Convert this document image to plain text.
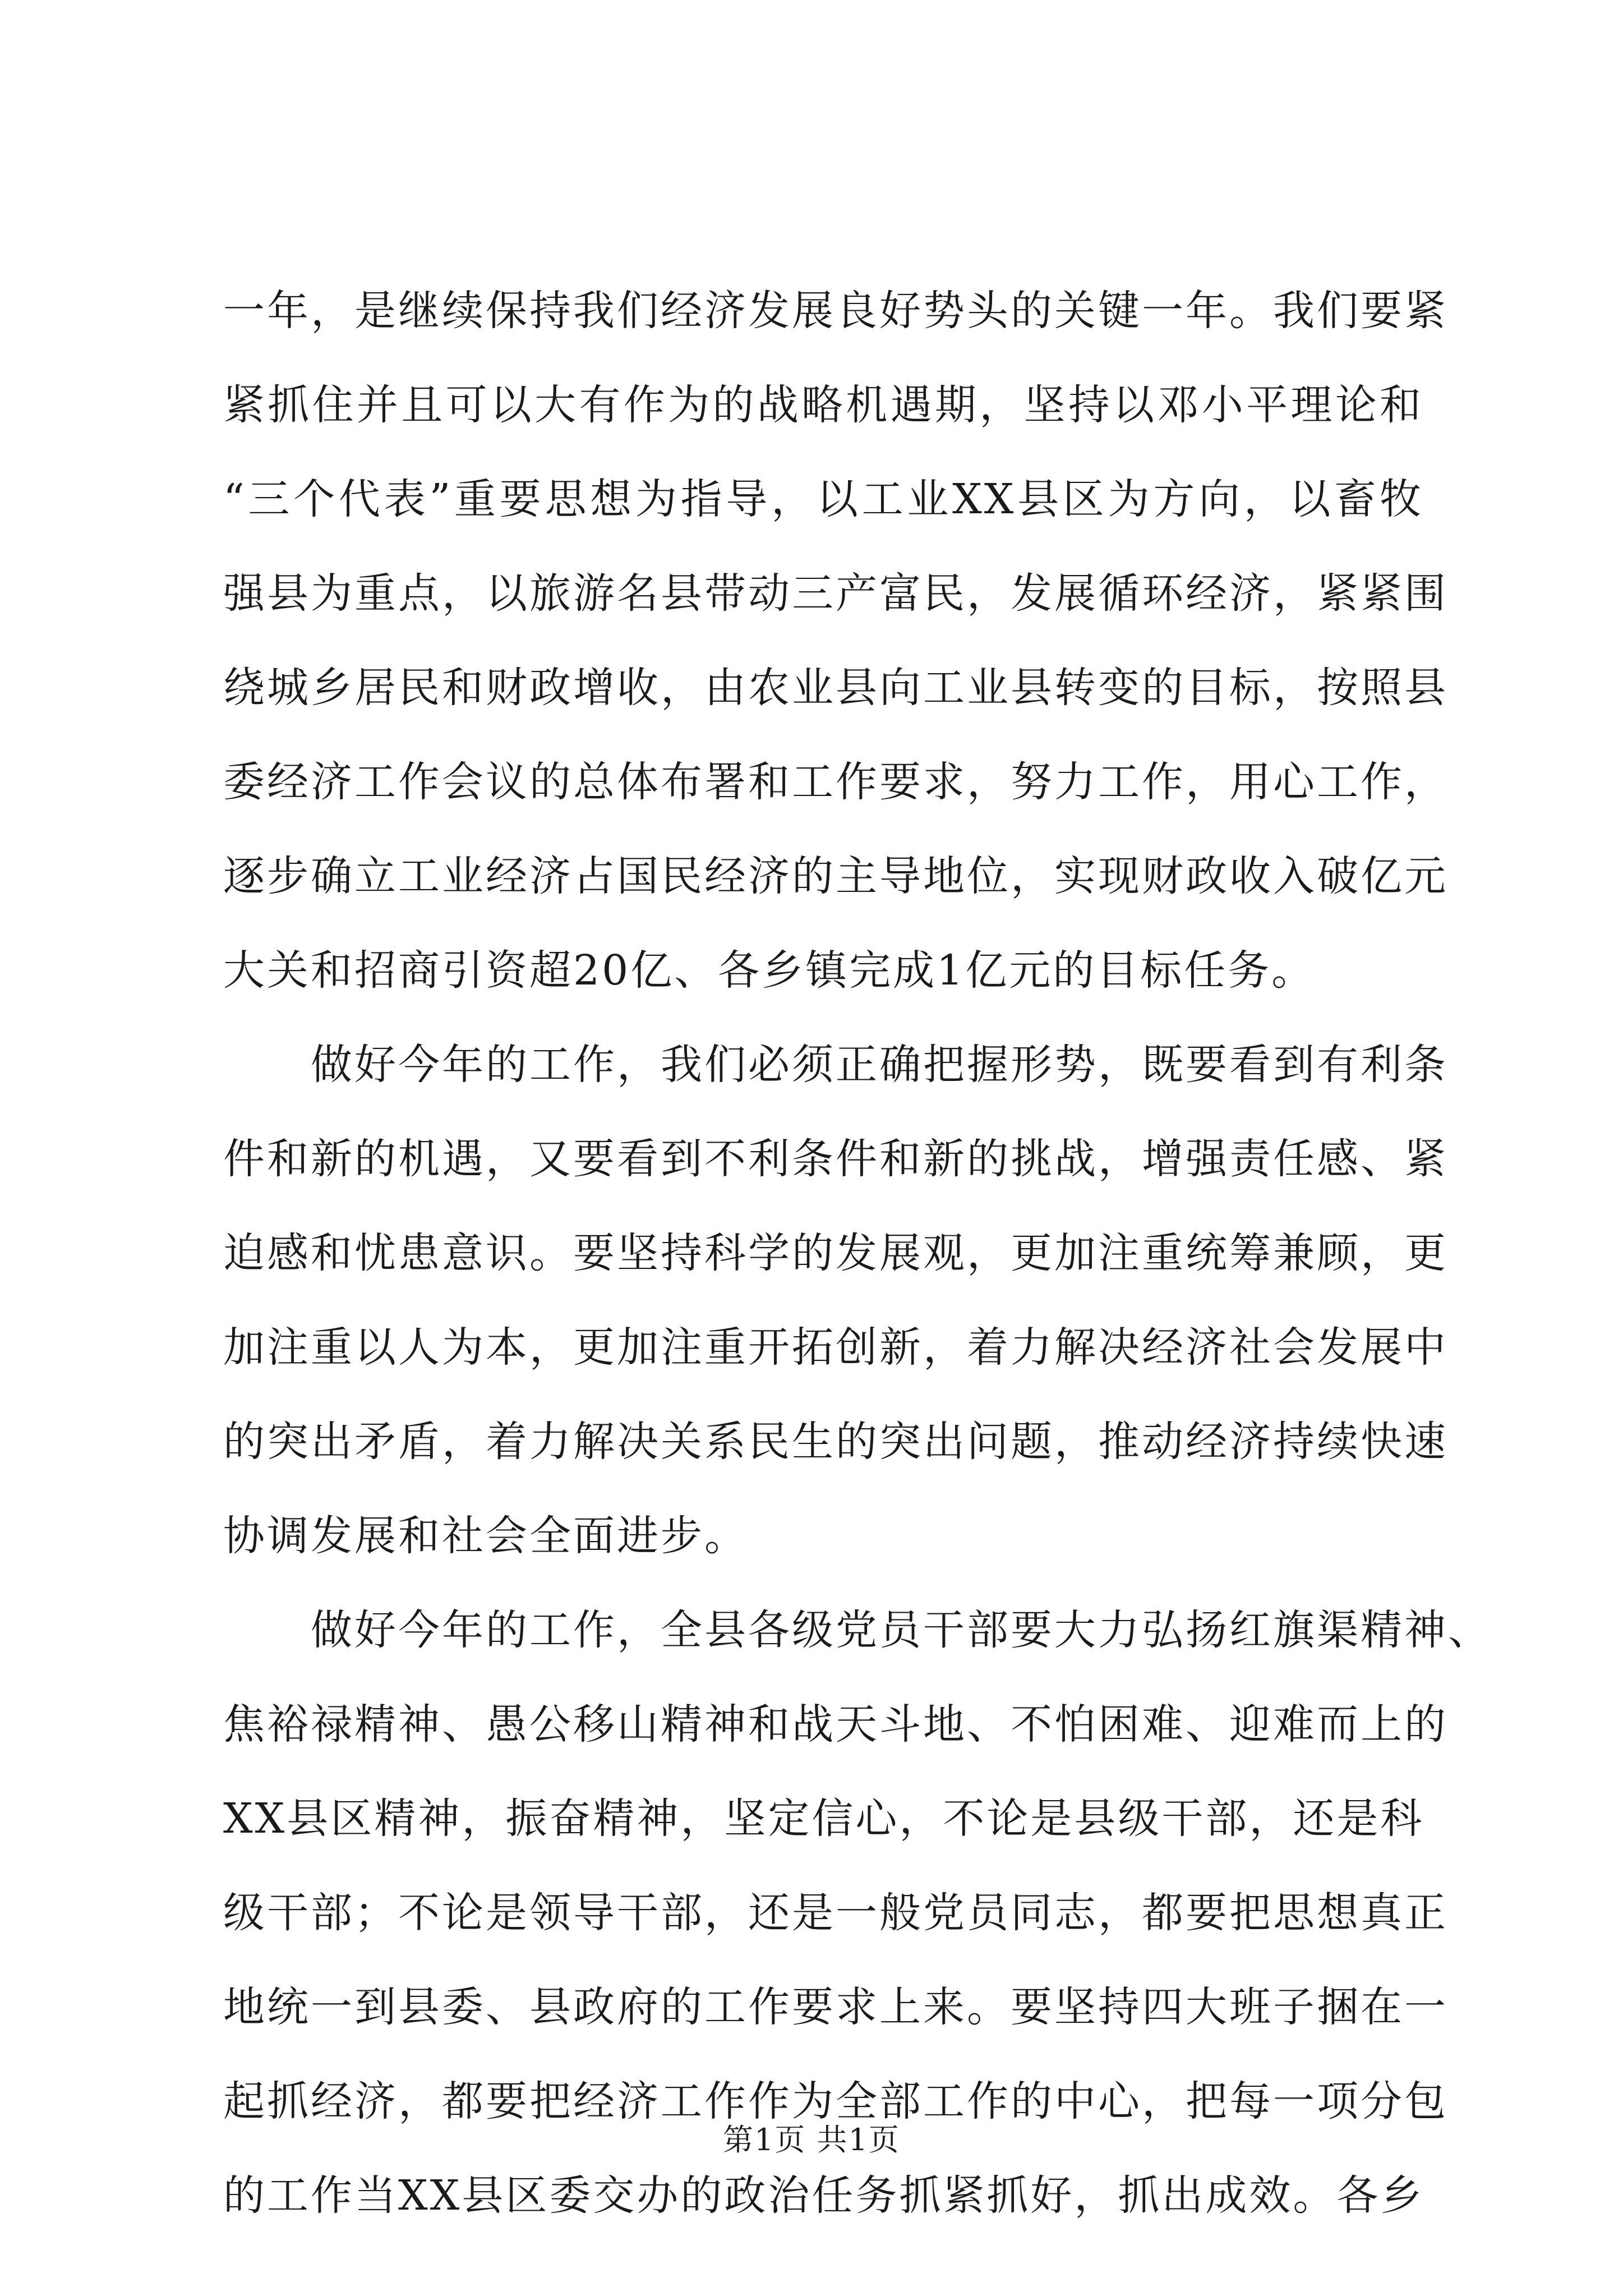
一年，是继续保持我们经济发展良好势头的关键一年。我们要紧
紧抓住并且可以大有作为的战略机遇期，坚持以邓小平理论和
“三个代表”重要思想为指导，以工业XX县区为方向，以畜牧
强县为重点，以旅游名县带动三产富民，发展循环经济，紧紧围
绕城乡居民和财政增收，由农业县向工业县转变的目标，按照县
委经济工作会议的总体布署和工作要求，努力工作，用心工作，
逐步确立工业经济占国民经济的主导地位，实现财政收入破亿元
大关和招商引资超20亿、各乡镇完成1亿元的目标任务。
做好今年的工作，我们必须正确把握形势，既要看到有利条
件和新的机遇，又要看到不利条件和新的挑战，增强责任感、紧
迫感和忧患意识。要坚持科学的发展观，更加注重统筹兼顾，更
加注重以人为本，更加注重开拓创新，着力解决经济社会发展中
的突出矛盾，着力解决关系民生的突出问题，推动经济持续快速
协调发展和社会全面进步。
做好今年的工作，全县各级党员干部要大力弘扬红旗渠精神、
焦裕禄精神、愚公移山精神和战天斗地、不怕困难、迎难而上的
XX县区精神，振奋精神，坚定信心，不论是县级干部，还是科
级干部；不论是领导干部，还是一般党员同志，都要把思想真正
地统一到县委、县政府的工作要求上来。要坚持四大班子捆在一
起抓经济，都要把经济工作作为全部工作的中心，把每一项分包
的工作当XX县区委交办的政治任务抓紧抓好，抓出成效。各乡
第1页 共1页
